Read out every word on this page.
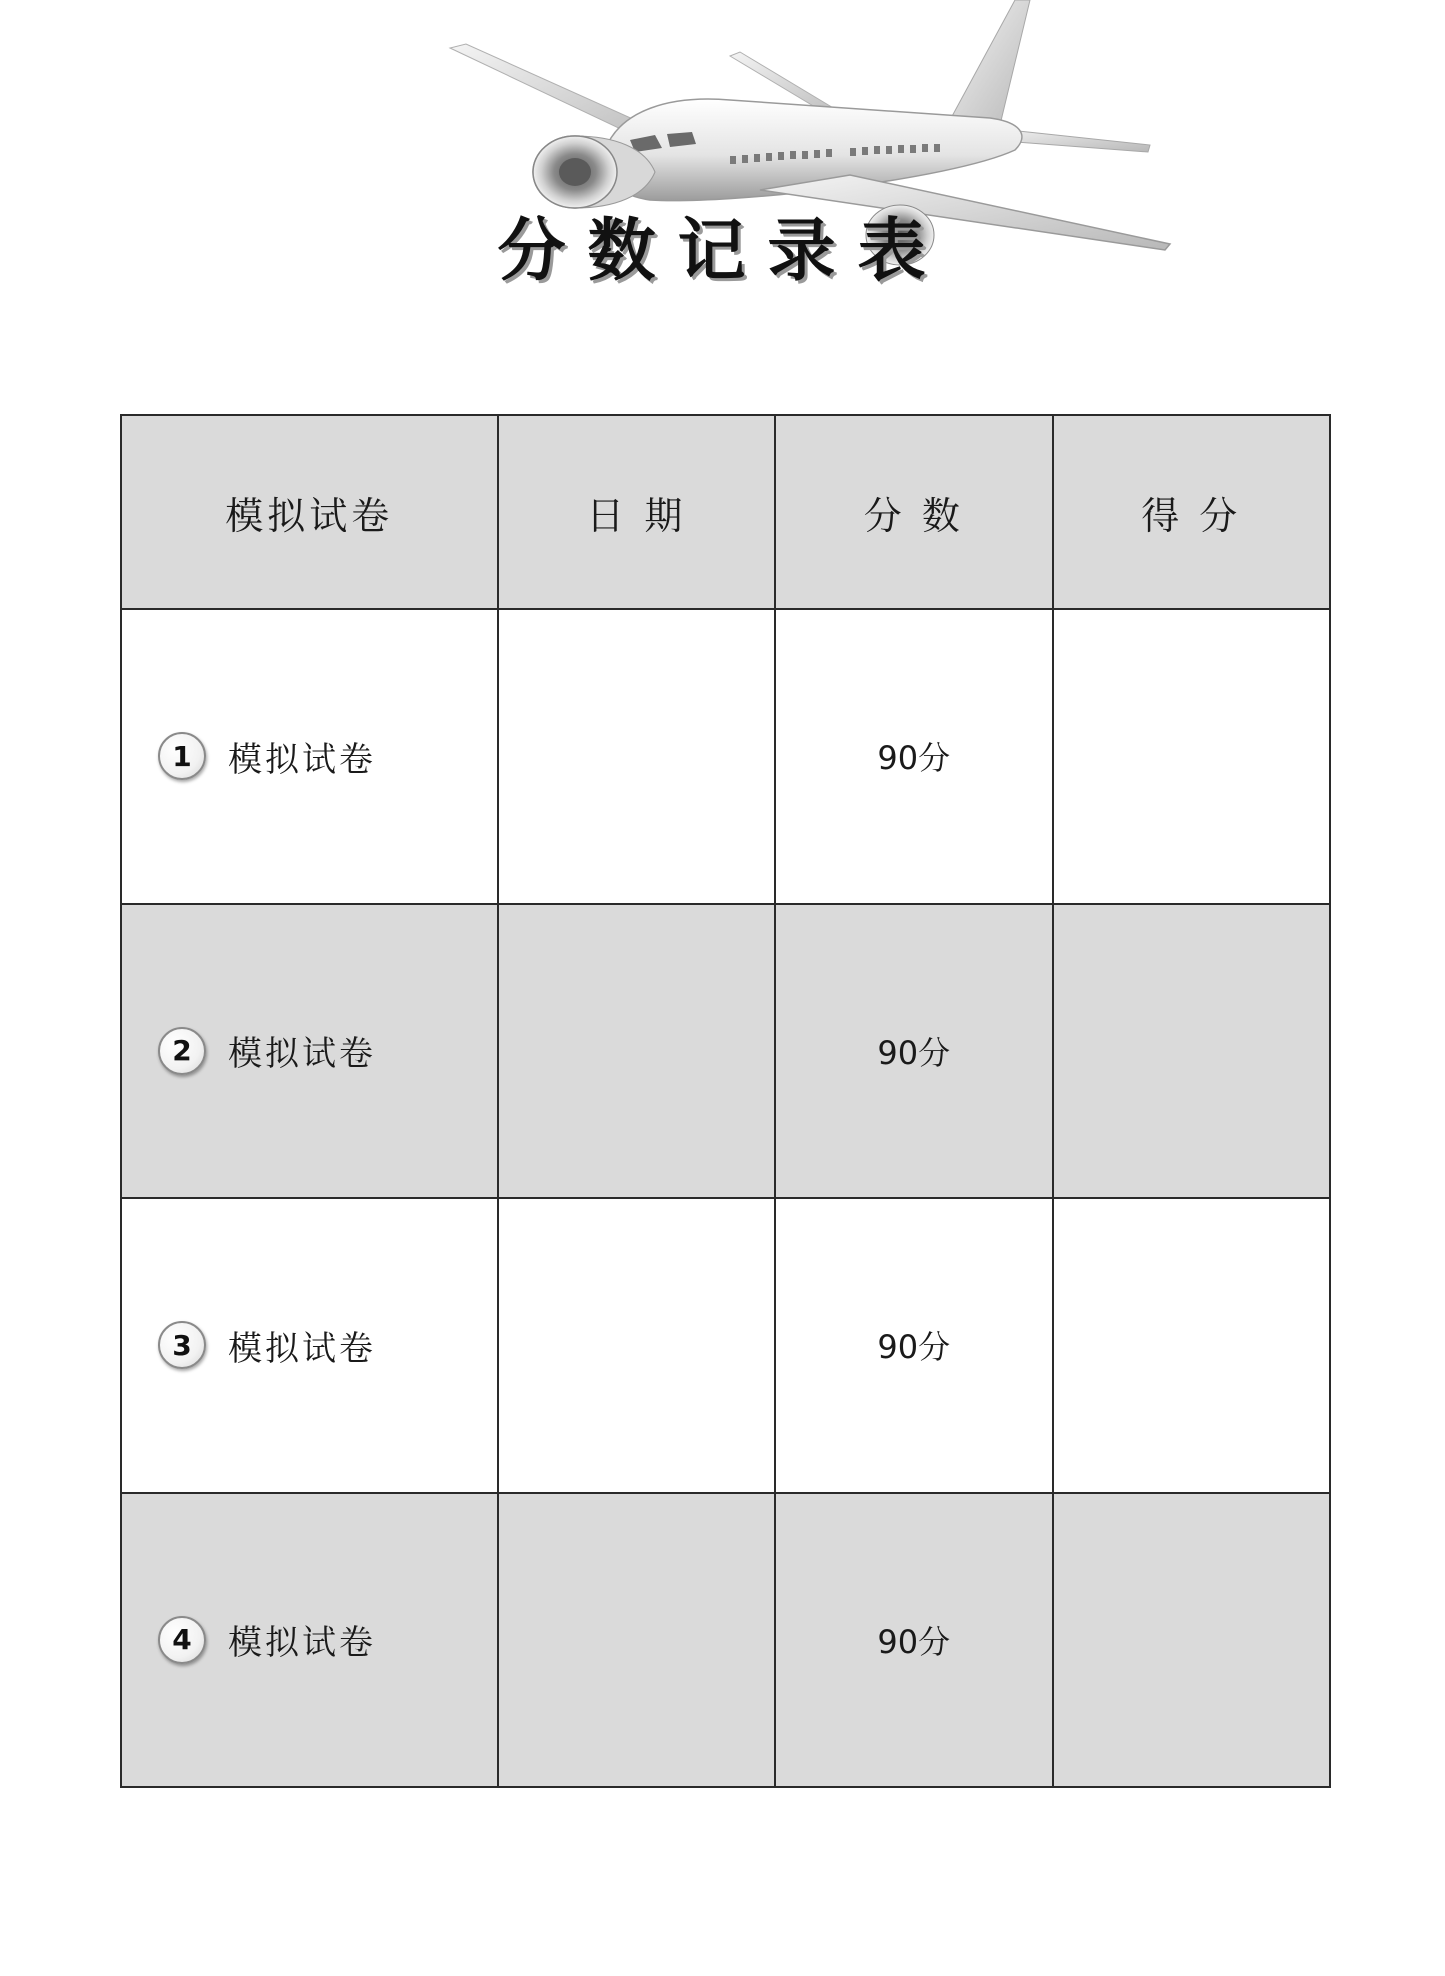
分数记录表
模拟试卷	日 期	分 数	得 分

1 模拟试卷		90分	

2 模拟试卷		90分	

3 模拟试卷		90分	

4 模拟试卷		90分	
